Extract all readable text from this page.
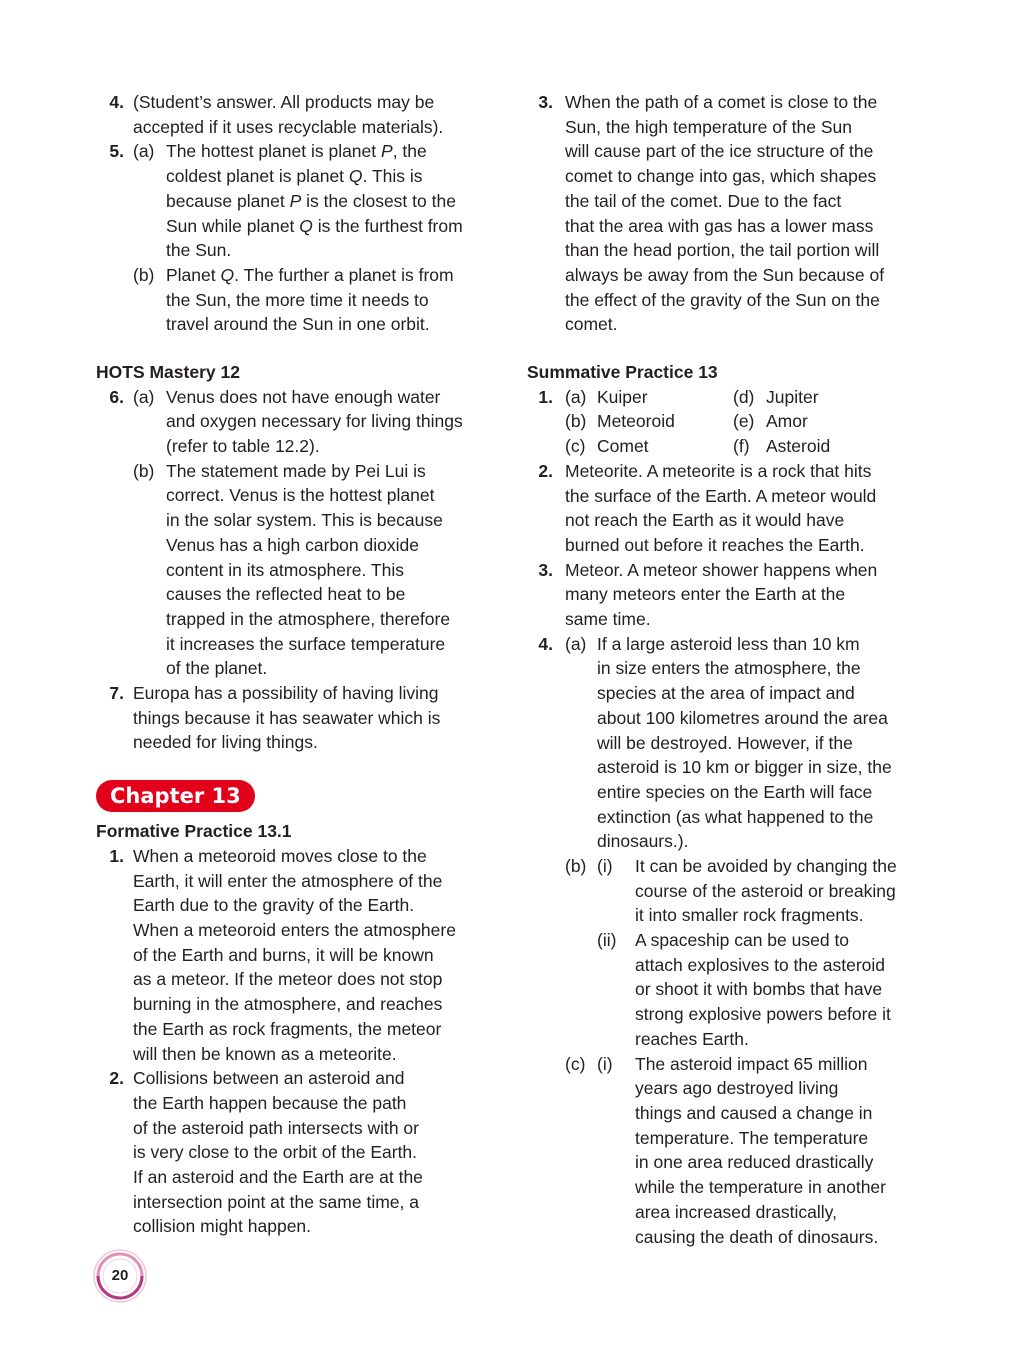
4. (Student’s answer. All products may be
accepted if it uses recyclable materials).
5. (a) The hottest planet is planet P, the
coldest planet is planet Q. This is
because planet P is the closest to the
Sun while planet Q is the furthest from
the Sun.
(b) Planet Q. The further a planet is from
the Sun, the more time it needs to
travel around the Sun in one orbit.
HOTS Mastery 12
6. (a) Venus does not have enough water
and oxygen necessary for living things
(refer to table 12.2).
(b) The statement made by Pei Lui is
correct. Venus is the hottest planet
in the solar system. This is because
Venus has a high carbon dioxide
content in its atmosphere. This
causes the reflected heat to be
trapped in the atmosphere, therefore
it increases the surface temperature
of the planet.
7. Europa has a possibility of having living
things because it has seawater which is
needed for living things.
Chapter 13
Formative Practice 13.1
1. When a meteoroid moves close to the
Earth, it will enter the atmosphere of the
Earth due to the gravity of the Earth.
When a meteoroid enters the atmosphere
of the Earth and burns, it will be known
as a meteor. If the meteor does not stop
burning in the atmosphere, and reaches
the Earth as rock fragments, the meteor
will then be known as a meteorite.
2. Collisions between an asteroid and
the Earth happen because the path
of the asteroid path intersects with or
is very close to the orbit of the Earth.
If an asteroid and the Earth are at the
intersection point at the same time, a
collision might happen.
3. When the path of a comet is close to the
Sun, the high temperature of the Sun
will cause part of the ice structure of the
comet to change into gas, which shapes
the tail of the comet. Due to the fact
that the area with gas has a lower mass
than the head portion, the tail portion will
always be away from the Sun because of
the effect of the gravity of the Sun on the
comet.
Summative Practice 13
1. (a) Kuiper	(d) Jupiter
(b) Meteoroid	(e) Amor
(c) Comet	(f) Asteroid
2. Meteorite. A meteorite is a rock that hits
the surface of the Earth. A meteor would
not reach the Earth as it would have
burned out before it reaches the Earth.
3. Meteor. A meteor shower happens when
many meteors enter the Earth at the
same time.
4. (a) If a large asteroid less than 10 km
in size enters the atmosphere, the
species at the area of impact and
about 100 kilometres around the area
will be destroyed. However, if the
asteroid is 10 km or bigger in size, the
entire species on the Earth will face
extinction (as what happened to the
dinosaurs.).
(b) (i) It can be avoided by changing the
course of the asteroid or breaking
it into smaller rock fragments.
(ii) A spaceship can be used to
attach explosives to the asteroid
or shoot it with bombs that have
strong explosive powers before it
reaches Earth.
(c) (i) The asteroid impact 65 million
years ago destroyed living
things and caused a change in
temperature. The temperature
in one area reduced drastically
while the temperature in another
area increased drastically,
causing the death of dinosaurs.
20
